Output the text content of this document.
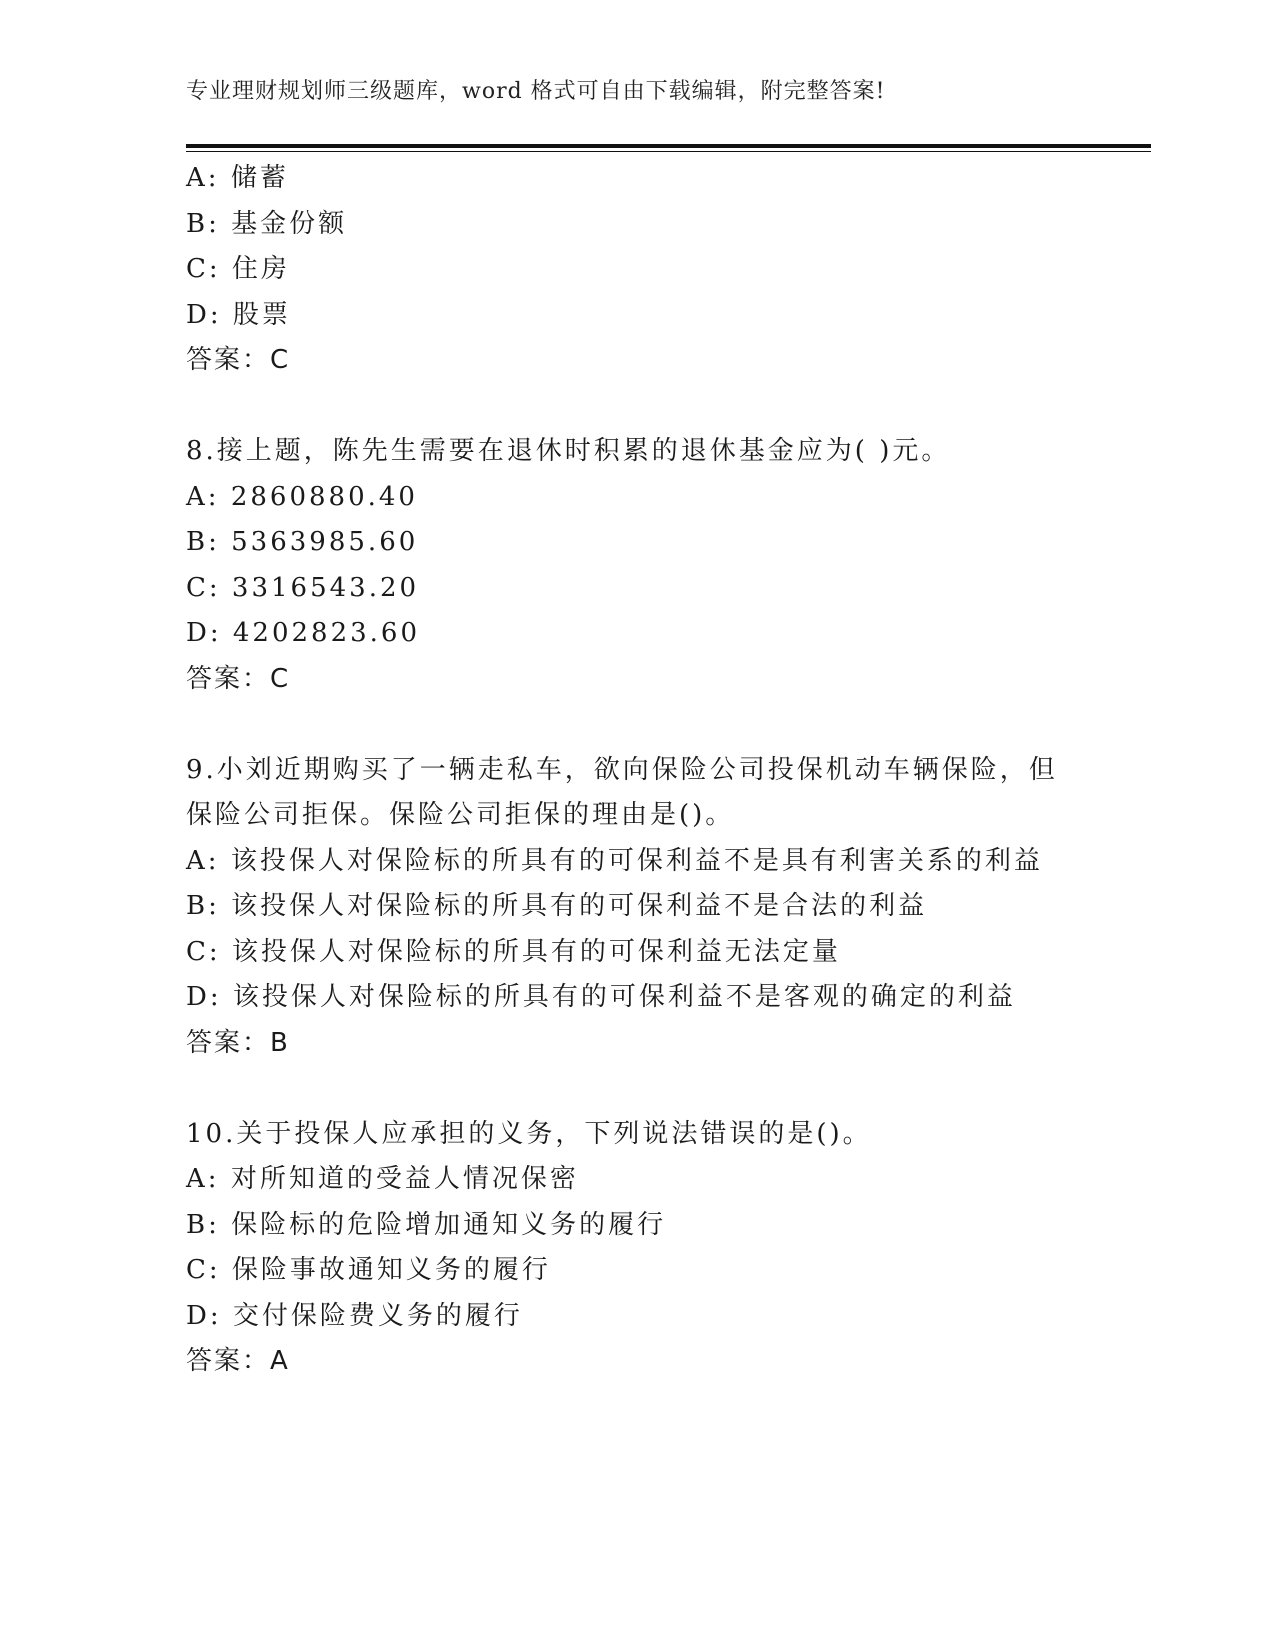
专业理财规划师三级题库，word 格式可自由下载编辑，附完整答案!
A: 储蓄
B: 基金份额
C: 住房
D: 股票
答案：C
8.接上题，陈先生需要在退休时积累的退休基金应为( )元。
A: 2860880.40
B: 5363985.60
C: 3316543.20
D: 4202823.60
答案：C
9.小刘近期购买了一辆走私车，欲向保险公司投保机动车辆保险，但
保险公司拒保。保险公司拒保的理由是()。
A: 该投保人对保险标的所具有的可保利益不是具有利害关系的利益
B: 该投保人对保险标的所具有的可保利益不是合法的利益
C: 该投保人对保险标的所具有的可保利益无法定量
D: 该投保人对保险标的所具有的可保利益不是客观的确定的利益
答案：B
10.关于投保人应承担的义务，下列说法错误的是()。
A: 对所知道的受益人情况保密
B: 保险标的危险增加通知义务的履行
C: 保险事故通知义务的履行
D: 交付保险费义务的履行
答案：A
